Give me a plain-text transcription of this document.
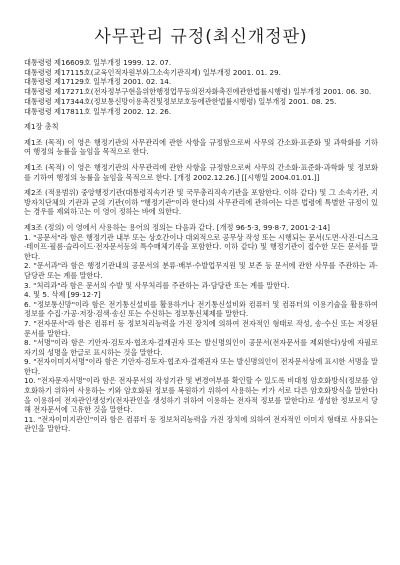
사무관리 규정(최신개정판)

대통령령 제16609호 일부개정 1999. 12. 07.

대통령령 제17115호(교육인적자원부와그소속기관직제) 일부개정 2001. 01. 29.

대통령령 제17129호 일부개정 2001. 02. 14.

대통령령 제17271호(전자정부구현을위한행정업무등의전자화촉진에관한법률시행령) 일부개정 2001. 06. 30.

대통령령 제17344호(정보통신망이용촉진및정보보호등에관한법률시행령) 일부개정 2001. 08. 25.

대통령령 제17811호 일부개정 2002. 12. 26.

제1장 총칙

제1조 (목적) 이 영은 행정기관의 사무관리에 관한 사항을 규정함으로써 사무의 간소화·표준화 및 과학화를 기하여 행정의 능률을 높임을 목적으로 한다.

제1조 (목적) 이 영은 행정기관의 사무관리에 관한 사항을 규정함으로써 사무의 간소화·표준화·과학화 및 정보화를 기하여 행정의 능률을 높임을 목적으로 한다. [개정 2002.12.26.] [[시행일 2004.01.01.]]

제2조 (적용범위) 중앙행정기관(대통령직속기관 및 국무총리직속기관을 포함한다. 이하 같다) 및 그 소속기관, 지방자치단체의 기관과 군의 기관(이하 "행정기관"이라 한다)의 사무관리에 관하여는 다른 법령에 특별한 규정이 있는 경우를 제외하고는 이 영이 정하는 바에 의한다.

제3조 (정의) 이 영에서 사용하는 용어의 정의는 다음과 같다. [개정 96·5·3, 99·8·7, 2001·2·14]

1. "공문서"라 함은 행정기관 내부 또는 상호간이나 대외적으로 공무상 작성 또는 시행되는 문서(도면·사진·디스크·테이프·필름·슬라이드·전자문서등의 특수매체기록을 포함한다. 이하 같다) 및 행정기관이 접수한 모든 문서를 말한다.

2. "문서과"라 함은 행정기관내의 공문서의 분류·배부·수발업무지원 및 보존 등 문서에 관한 사무를 주관하는 과·담당관 또는 계를 말한다.

3. "처리과"라 함은 문서의 수발 및 사무처리를 주관하는 과·담당관 또는 계를 말한다.

4. 및 5. 삭제 [99·12·7]

6. "정보통신망"이라 함은 전기통신설비를 활용하거나 전기통신설비와 컴퓨터 및 컴퓨터의 이용기술을 활용하여 정보를 수집·가공·저장·검색·송신 또는 수신하는 정보통신체제를 말한다.

7. "전자문서"라 함은 컴퓨터 등 정보처리능력을 가진 장치에 의하여 전자적인 형태로 작성, 송·수신 또는 저장된 문서를 말한다.

8. "서명"이라 함은 기안자·검토자·협조자·결재권자 또는 발신명의인이 공문서(전자문서를 제외한다)상에 자필로 자기의 성명을 한글로 표시하는 것을 말한다.

9. "전자이미지서명"이라 함은 기안자·검토자·협조자·결재권자 또는 발신명의인이 전자문서상에 표시한 서명을 말한다.

10. "전자문자서명"이라 함은 전자문서의 작성기관 및 변경여부를 확인할 수 있도록 비대칭 암호화방식(정보를 암호화하기 위하여 사용하는 키와 암호화된 정보를 복원하기 위하여 사용하는 키가 서로 다른 암호화방식을 말한다)을 이용하여 전자관인생성키(전자관인을 생성하기 위하여 이용하는 전자적 정보를 말한다)로 생성한 정보로서 당해 전자문서에 고유한 것을 말한다.

11. "전자이미지관인"이라 함은 컴퓨터 등 정보처리능력을 가진 장치에 의하여 전자적인 이미지 형태로 사용되는 관인을 말한다.
